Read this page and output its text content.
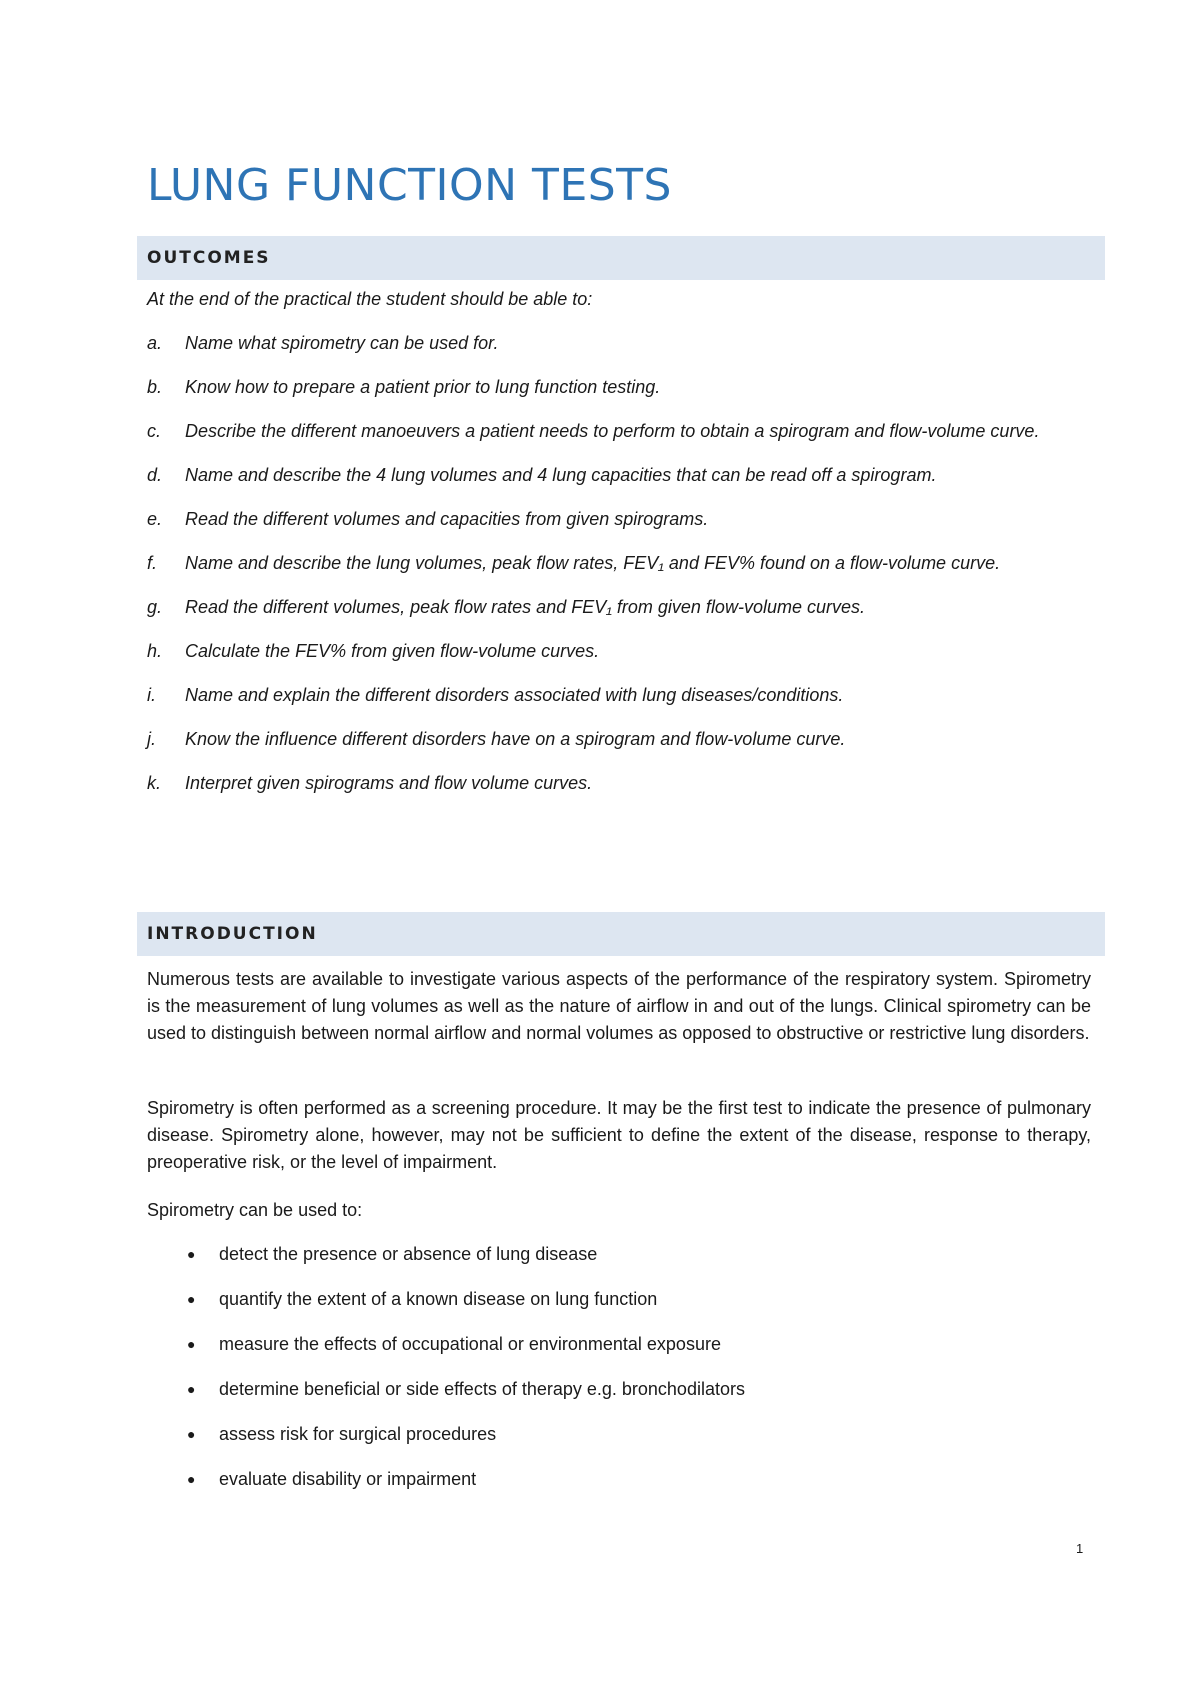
LUNG FUNCTION TESTS
OUTCOMES

At the end of the practical the student should be able to:

a.	Name what spirometry can be used for.
b.	Know how to prepare a patient prior to lung function testing.
c.	Describe the different manoeuvers a patient needs to perform to obtain a spirogram and flow-volume curve.
d.	Name and describe the 4 lung volumes and 4 lung capacities that can be read off a spirogram.
e.	Read the different volumes and capacities from given spirograms.
f.	Name and describe the lung volumes, peak flow rates, FEV₁ and FEV% found on a flow-volume curve.
g.	Read the different volumes, peak flow rates and FEV₁ from given flow-volume curves.
h.	Calculate the FEV% from given flow-volume curves.
i.	Name and explain the different disorders associated with lung diseases/conditions.
j.	Know the influence different disorders have on a spirogram and flow-volume curve.
k.	Interpret given spirograms and flow volume curves.
INTRODUCTION

Numerous tests are available to investigate various aspects of the performance of the respiratory system. Spirometry is the measurement of lung volumes as well as the nature of airflow in and out of the lungs. Clinical spirometry can be used to distinguish between normal airflow and normal volumes as opposed to obstructive or restrictive lung disorders.

Spirometry is often performed as a screening procedure. It may be the first test to indicate the presence of pulmonary disease. Spirometry alone, however, may not be sufficient to define the extent of the disease, response to therapy, preoperative risk, or the level of impairment.

Spirometry can be used to:

●	detect the presence or absence of lung disease
●	quantify the extent of a known disease on lung function
●	measure the effects of occupational or environmental exposure
●	determine beneficial or side effects of therapy e.g. bronchodilators
●	assess risk for surgical procedures
●	evaluate disability or impairment
1
